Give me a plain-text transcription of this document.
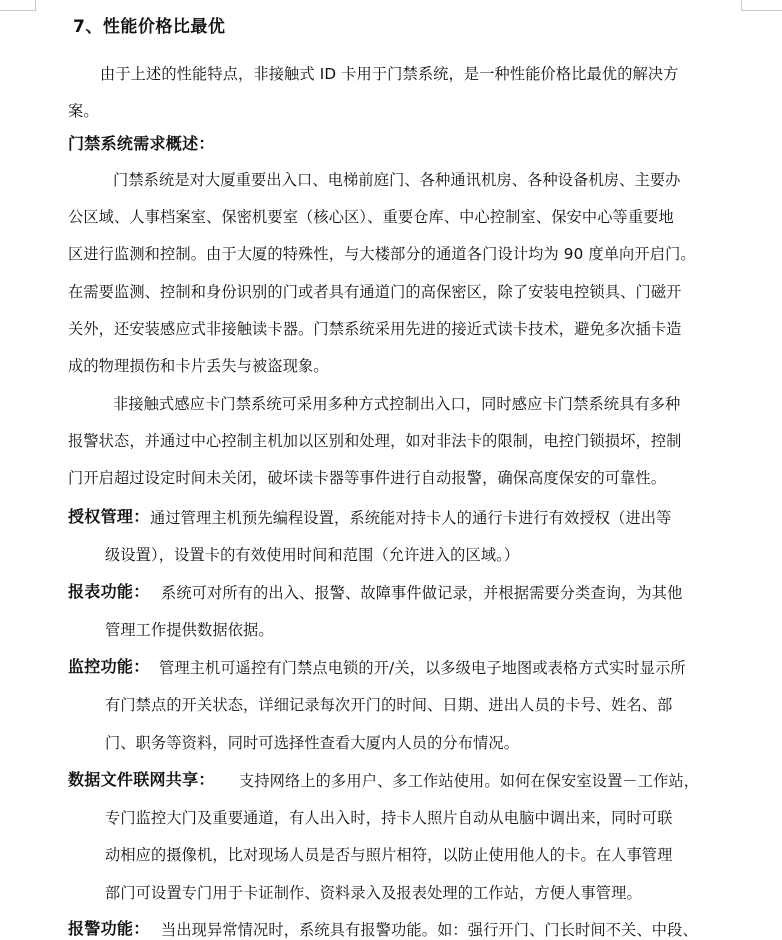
7、性能价格比最优
由于上述的性能特点，非接触式 ID 卡用于门禁系统，是一种性能价格比最优的解决方
案。
门禁系统需求概述：
门禁系统是对大厦重要出入口、电梯前庭门、各种通讯机房、各种设备机房、主要办
公区域、人事档案室、保密机要室（核心区）、重要仓库、中心控制室、保安中心等重要地
区进行监测和控制。由于大厦的特殊性，与大楼部分的通道各门设计均为 90 度单向开启门。
在需要监测、控制和身份识别的门或者具有通道门的高保密区，除了安装电控锁具、门磁开
关外，还安装感应式非接触读卡器。门禁系统采用先进的接近式读卡技术，避免多次插卡造
成的物理损伤和卡片丢失与被盗现象。
非接触式感应卡门禁系统可采用多种方式控制出入口，同时感应卡门禁系统具有多种
报警状态，并通过中心控制主机加以区别和处理，如对非法卡的限制，电控门锁损坏，控制
门开启超过设定时间未关闭，破坏读卡器等事件进行自动报警，确保高度保安的可靠性。
授权管理： 通过管理主机预先编程设置，系统能对持卡人的通行卡进行有效授权（进出等
级设置），设置卡的有效使用时间和范围（允许进入的区域。）
报表功能： 系统可对所有的出入、报警、故障事件做记录，并根据需要分类查询，为其他
管理工作提供数据依据。
监控功能： 管理主机可遥控有门禁点电锁的开/关，以多级电子地图或表格方式实时显示所
有门禁点的开关状态，详细记录每次开门的时间、日期、进出人员的卡号、姓名、部
门、职务等资料，同时可选择性查看大厦内人员的分布情况。
数据文件联网共享： 支持网络上的多用户、多工作站使用。如何在保安室设置－工作站，
专门监控大门及重要通道，有人出入时，持卡人照片自动从电脑中调出来，同时可联
动相应的摄像机，比对现场人员是否与照片相符，以防止使用他人的卡。在人事管理
部门可设置专门用于卡证制作、资料录入及报表处理的工作站，方便人事管理。
报警功能： 当出现异常情况时，系统具有报警功能。如：强行开门、门长时间不关、中段、
